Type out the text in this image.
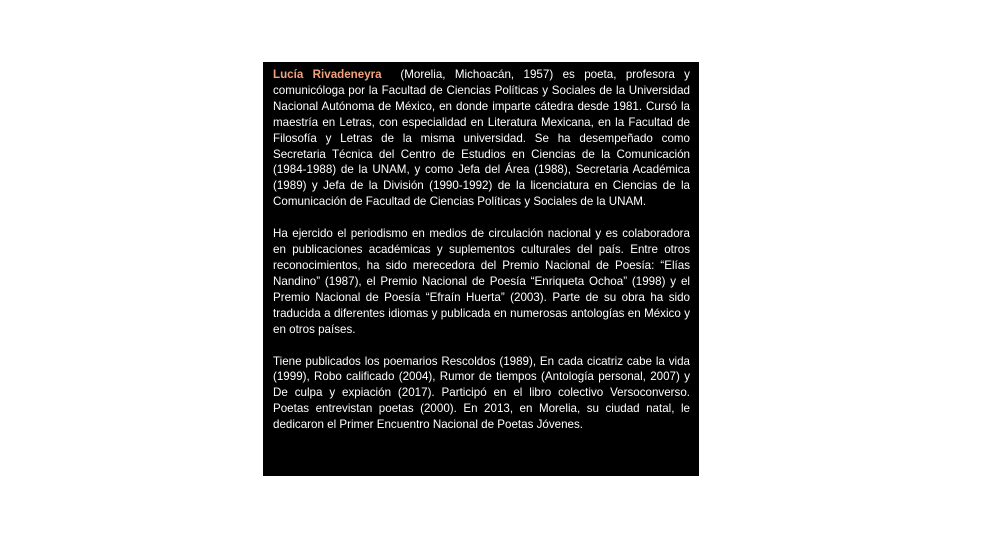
Lucía Rivadeneyra (Morelia, Michoacán, 1957) es poeta, profesora y comunicóloga por la Facultad de Ciencias Políticas y Sociales de la Universidad Nacional Autónoma de México, en donde imparte cátedra desde 1981. Cursó la maestría en Letras, con especialidad en Literatura Mexicana, en la Facultad de Filosofía y Letras de la misma universidad. Se ha desempeñado como Secretaria Técnica del Centro de Estudios en Ciencias de la Comunicación (1984-1988) de la UNAM, y como Jefa del Área (1988), Secretaria Académica (1989) y Jefa de la División (1990-1992) de la licenciatura en Ciencias de la Comunicación de Facultad de Ciencias Políticas y Sociales de la UNAM.

Ha ejercido el periodismo en medios de circulación nacional y es colaboradora en publicaciones académicas y suplementos culturales del país. Entre otros reconocimientos, ha sido merecedora del Premio Nacional de Poesía: “Elías Nandino” (1987), el Premio Nacional de Poesía “Enriqueta Ochoa” (1998) y el Premio Nacional de Poesía “Efraín Huerta” (2003). Parte de su obra ha sido traducida a diferentes idiomas y publicada en numerosas antologías en México y en otros países.

Tiene publicados los poemarios Rescoldos (1989), En cada cicatriz cabe la vida (1999), Robo calificado (2004), Rumor de tiempos (Antología personal, 2007) y De culpa y expiación (2017). Participó en el libro colectivo Versoconverso. Poetas entrevistan poetas (2000). En 2013, en Morelia, su ciudad natal, le dedicaron el Primer Encuentro Nacional de Poetas Jóvenes.
